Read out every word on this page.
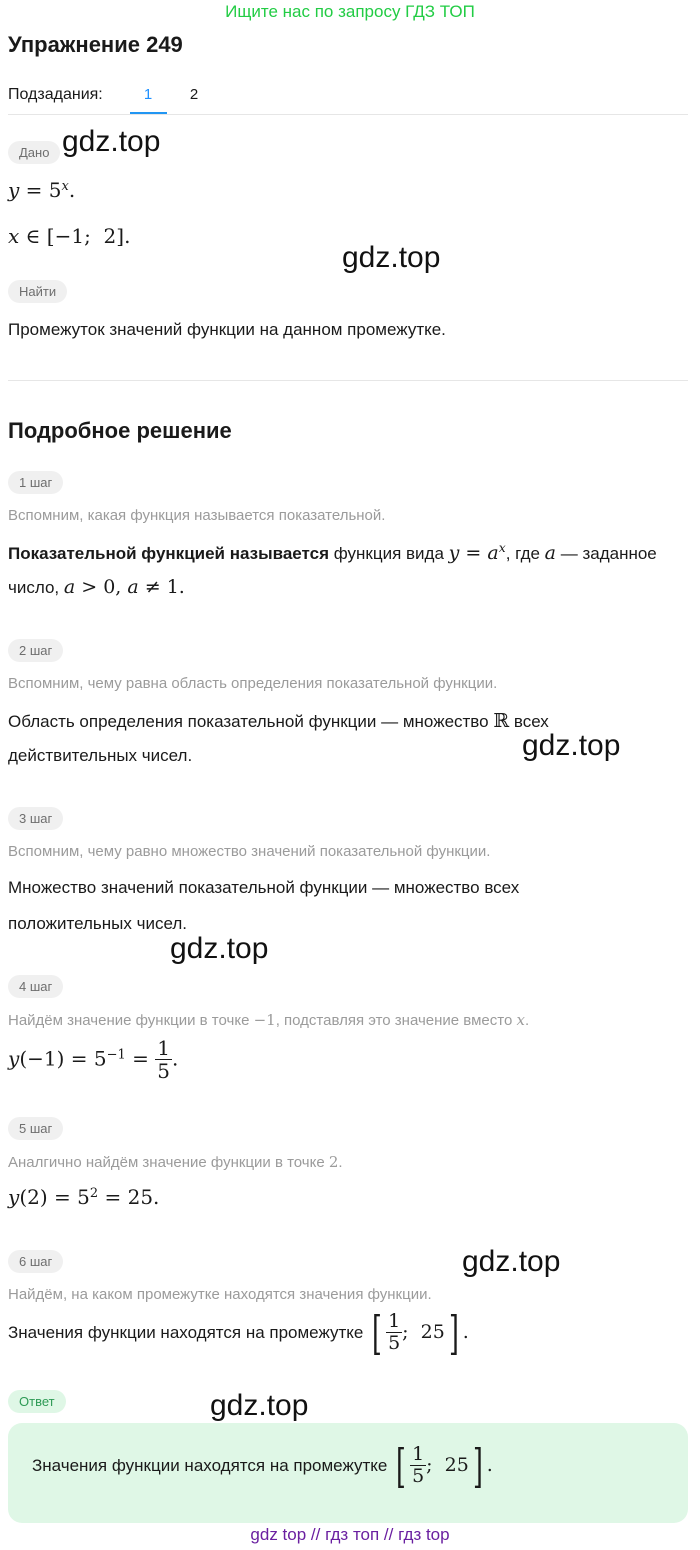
Ищите нас по запросу ГДЗ ТОП
Упражнение 249
Подзадания:	1	2
Дано gdz.top
$y = 5^x$.
x ∈ [−1;  2].
gdz.top
Найти
Промежуток значений функции на данном промежутке.
Подробное решение
1 шаг
Вспомним, какая функция называется показательной.
Показательной функцией называется функция вида $y = a^x$, где a — заданное
число, a > 0, a ≠ 1.
2 шаг
Вспомним, чему равна область определения показательной функции.
Область определения показательной функции — множество ℝ всех
действительных чисел.	gdz.top
3 шаг
Вспомним, чему равно множество значений показательной функции.
Множество значений показательной функции — множество всех
положительных чисел.
gdz.top
4 шаг
Найдём значение функции в точке −1, подставляя это значение вместо x.
$y(-1) = 5^{-1} = \frac{1}{5}$ .
5 шаг
Аналгично найдём значение функции в точке 2.
$y(2) = 5^2 = 25$.
gdz.top
6 шаг
Найдём, на каком промежутке находятся значения функции.
Значения функции находятся на промежутке [ $\frac{1}{5}$ ;  25] .
Ответ	gdz.top
Значения функции находятся на промежутке [ $\frac{1}{5}$ ;  25] .
gdz top // гдз топ // гдз top
